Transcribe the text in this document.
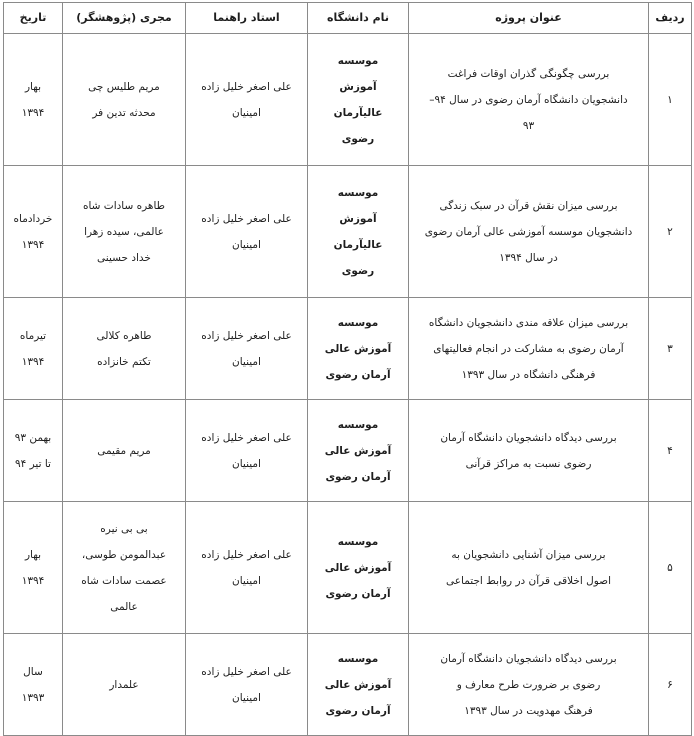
ردیف	عنوان پروژه	نام دانشگاه	استاد راهنما	مجری (پژوهشگر)	تاریخ
۱	بررسی چگونگی گذران اوقات فراغت
دانشجویان دانشگاه آرمان رضوی در سال ۹۴–
۹۳	موسسه
آموزش
عالیآرمان
رضوی	علی اصغر خلیل زاده
امینیان	مریم طلیس چی
محدثه تدین فر	بهار
۱۳۹۴

۲	بررسی میزان نقش قرآن در سبک زندگی
دانشجویان موسسه آموزشی عالی آرمان رضوی
در سال ۱۳۹۴	موسسه
آموزش
عالیآرمان
رضوی	علی اصغر خلیل زاده
امینیان	طاهره سادات شاه
عالمی، سیده زهرا
خداد حسینی	خردادماه
۱۳۹۴

۳	بررسی میزان علاقه مندی دانشجویان دانشگاه
آرمان رضوی به مشارکت در انجام فعالیتهای
فرهنگی دانشگاه در سال ۱۳۹۳	موسسه
آموزش عالی
آرمان رضوی	علی اصغر خلیل زاده
امینیان	طاهره کلالی
تکتم خانزاده	تیرماه
۱۳۹۴

۴	بررسی دیدگاه دانشجویان دانشگاه آرمان
رضوی نسبت به مراکز قرآنی	موسسه
آموزش عالی
آرمان رضوی	علی اصغر خلیل زاده
امینیان	مریم مقیمی	بهمن ۹۳
تا تیر ۹۴

۵	بررسی میزان آشنایی دانشجویان به
اصول اخلاقی قرآن در روابط اجتماعی	موسسه
آموزش عالی
آرمان رضوی	علی اصغر خلیل زاده
امینیان	بی بی نیره
عبدالمومن طوسی،
عصمت سادات شاه
عالمی	بهار
۱۳۹۴

۶	بررسی دیدگاه دانشجویان دانشگاه آرمان
رضوی بر ضرورت طرح معارف و
فرهنگ مهدویت در سال ۱۳۹۳	موسسه
آموزش عالی
آرمان رضوی	علی اصغر خلیل زاده
امینیان	علمدار	سال
۱۳۹۳
